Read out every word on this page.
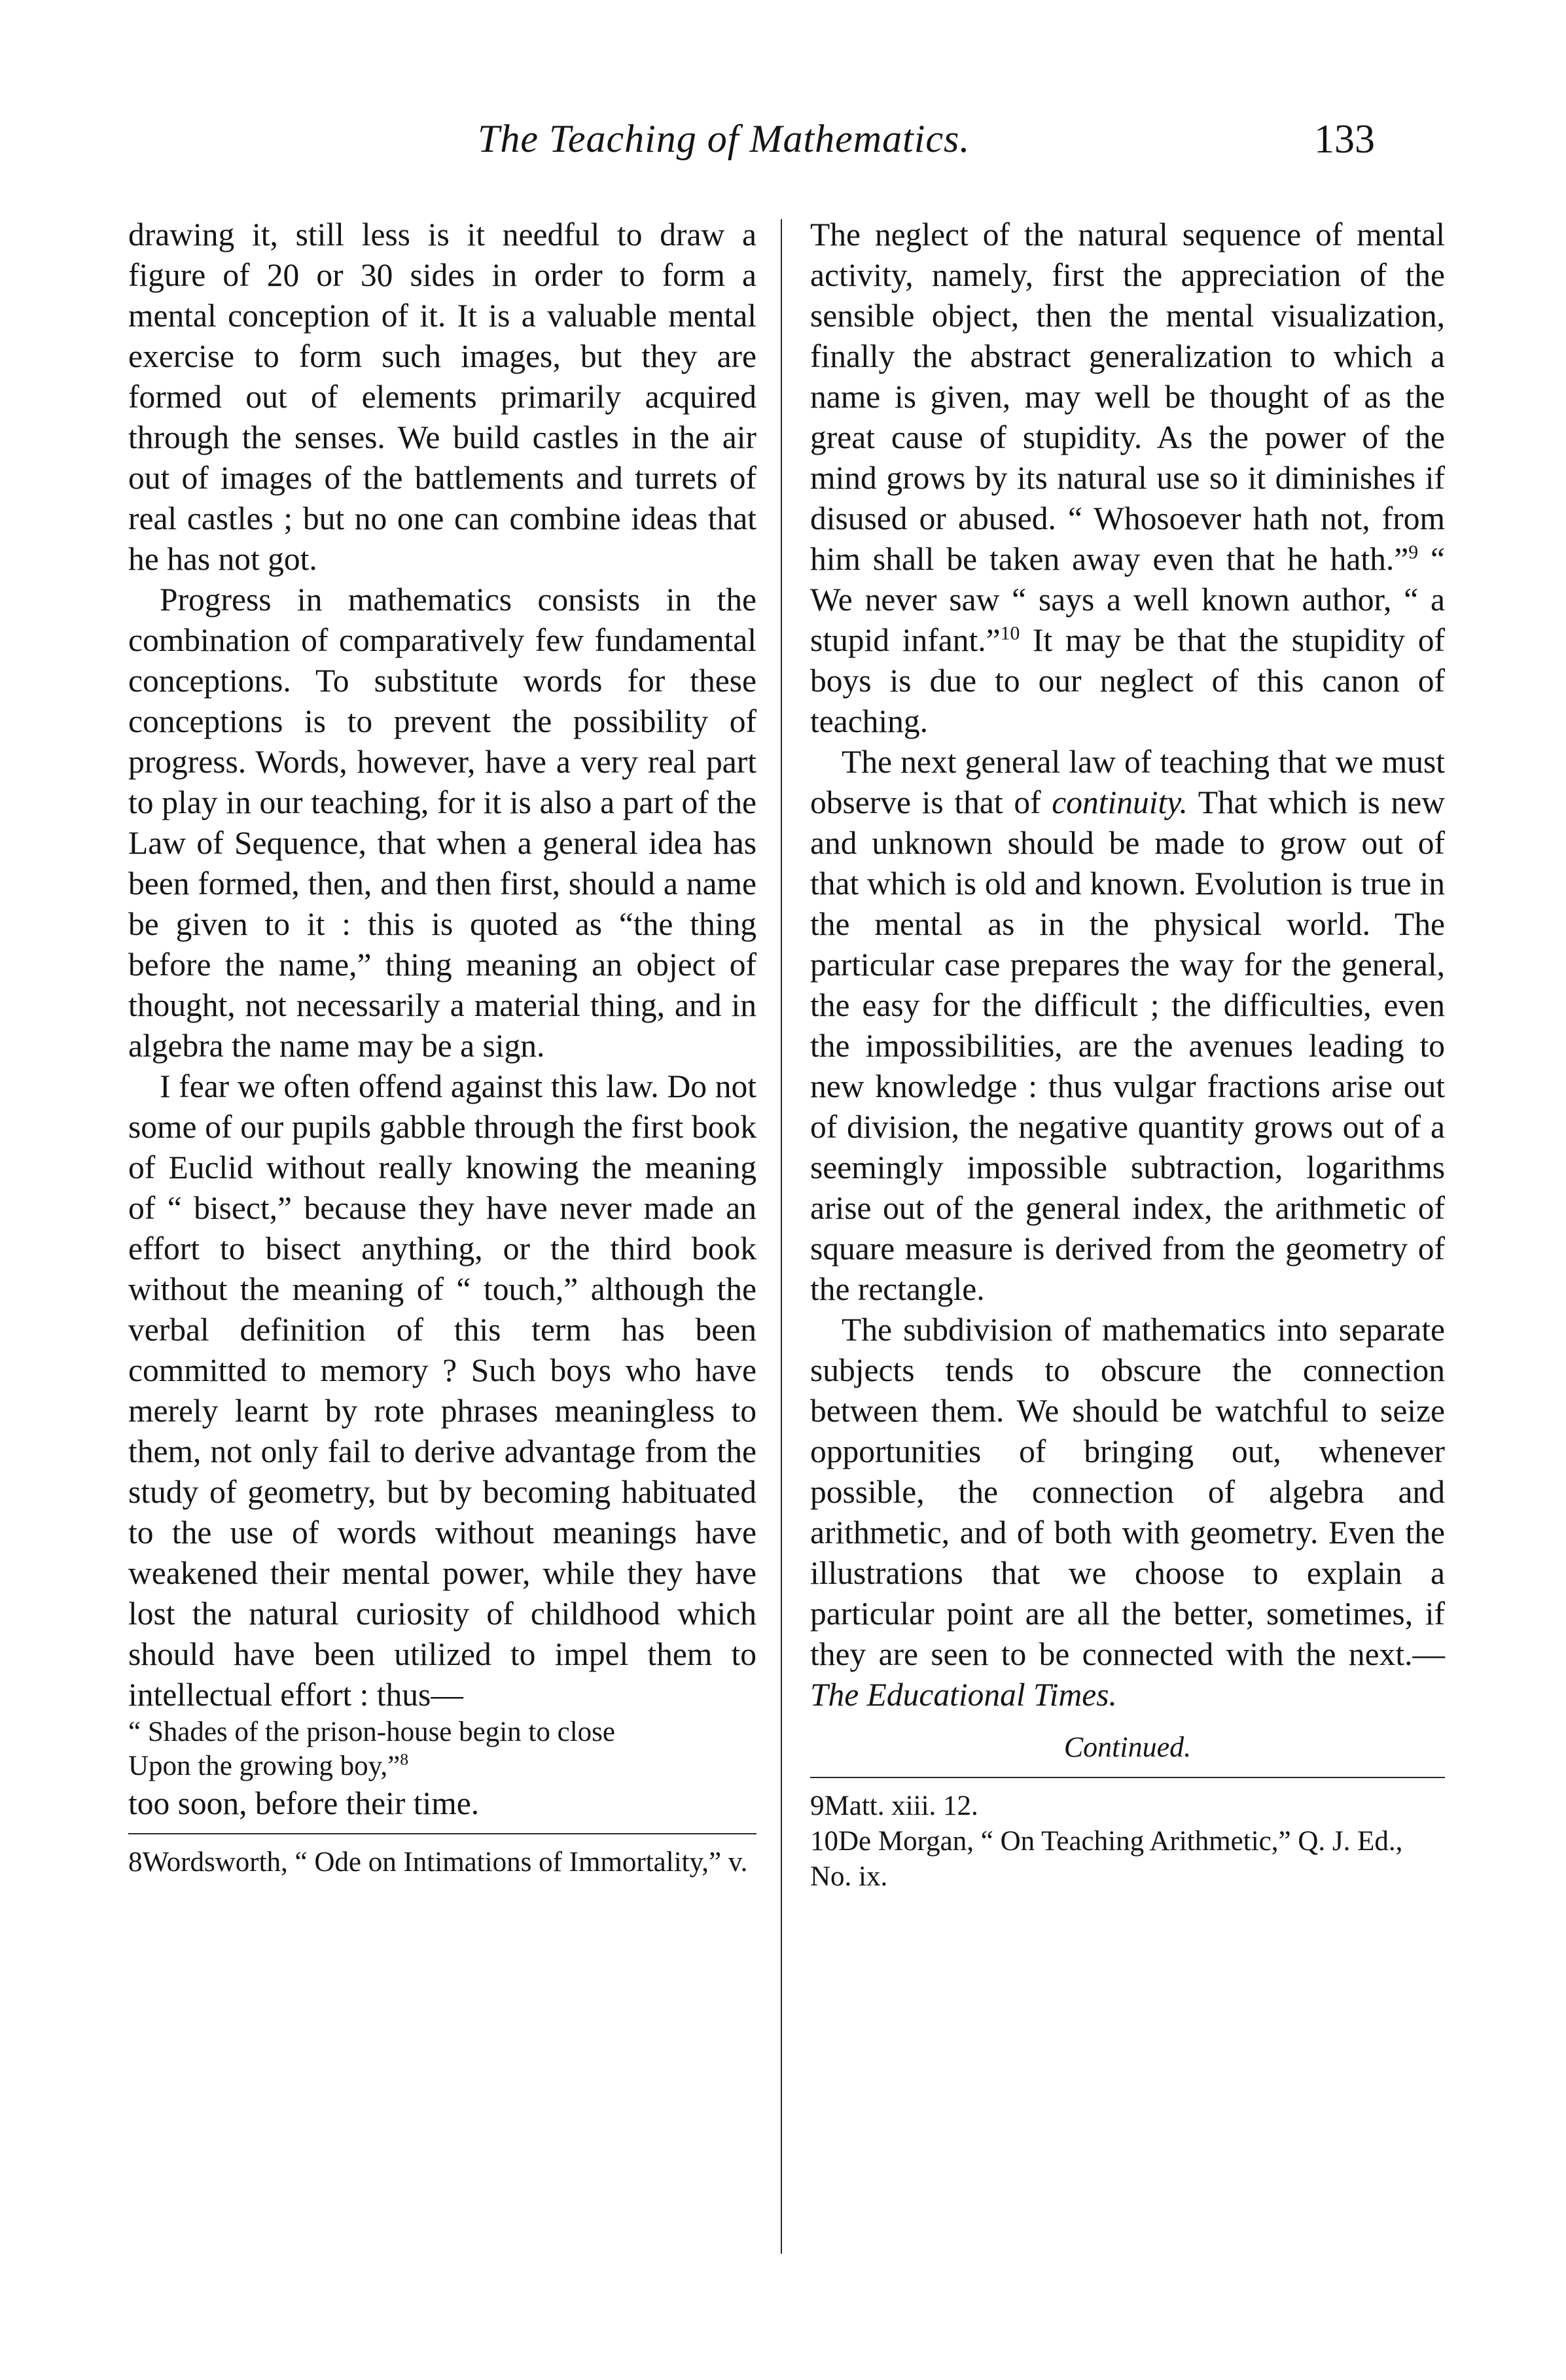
The Teaching of Mathematics.	133

drawing it, still less is it needful to draw a figure of 20 or 30 sides in order to form a mental conception of it. It is a valuable mental exercise to form such images, but they are formed out of elements primarily acquired through the senses. We build castles in the air out of images of the battlements and turrets of real castles ; but no one can combine ideas that he has not got.

Progress in mathematics consists in the combination of comparatively few fundamental conceptions. To substitute words for these conceptions is to prevent the possibility of progress. Words, however, have a very real part to play in our teaching, for it is also a part of the Law of Sequence, that when a general idea has been formed, then, and then first, should a name be given to it : this is quoted as “the thing before the name,” thing meaning an object of thought, not necessarily a material thing, and in algebra the name may be a sign.

I fear we often offend against this law. Do not some of our pupils gabble through the first book of Euclid without really knowing the meaning of “ bisect,” because they have never made an effort to bisect anything, or the third book without the meaning of “ touch,” although the verbal definition of this term has been committed to memory ? Such boys who have merely learnt by rote phrases meaningless to them, not only fail to derive advantage from the study of geometry, but by becoming habituated to the use of words without meanings have weakened their mental power, while they have lost the natural curiosity of childhood which should have been utilized to impel them to intellectual effort : thus—

“ Shades of the prison-house begin to close
Upon the growing boy,”$^8$
too soon, before their time.

8Wordsworth, “ Ode on Intimations of Immortality,” v.

The neglect of the natural sequence of mental activity, namely, first the appreciation of the sensible object, then the mental visualization, finally the abstract generalization to which a name is given, may well be thought of as the great cause of stupidity. As the power of the mind grows by its natural use so it diminishes if disused or abused. “ Whosoever hath not, from him shall be taken away even that he hath.”$^9$ “ We never saw “ says a well known author, “ a stupid infant.”$^{10}$ It may be that the stupidity of boys is due to our neglect of this canon of teaching.

The next general law of teaching that we must observe is that of continuity. That which is new and unknown should be made to grow out of that which is old and known. Evolution is true in the mental as in the physical world. The particular case prepares the way for the general, the easy for the difficult ; the difficulties, even the impossibilities, are the avenues leading to new knowledge : thus vulgar fractions arise out of division, the negative quantity grows out of a seemingly impossible subtraction, logarithms arise out of the general index, the arithmetic of square measure is derived from the geometry of the rectangle.

The subdivision of mathematics into separate subjects tends to obscure the connection between them. We should be watchful to seize opportunities of bringing out, whenever possible, the connection of algebra and arithmetic, and of both with geometry. Even the illustrations that we choose to explain a particular point are all the better, sometimes, if they are seen to be connected with the next.—The Educational Times.

Continued.

9Matt. xiii. 12.

10De Morgan, “ On Teaching Arithmetic,” Q. J. Ed., No. ix.
